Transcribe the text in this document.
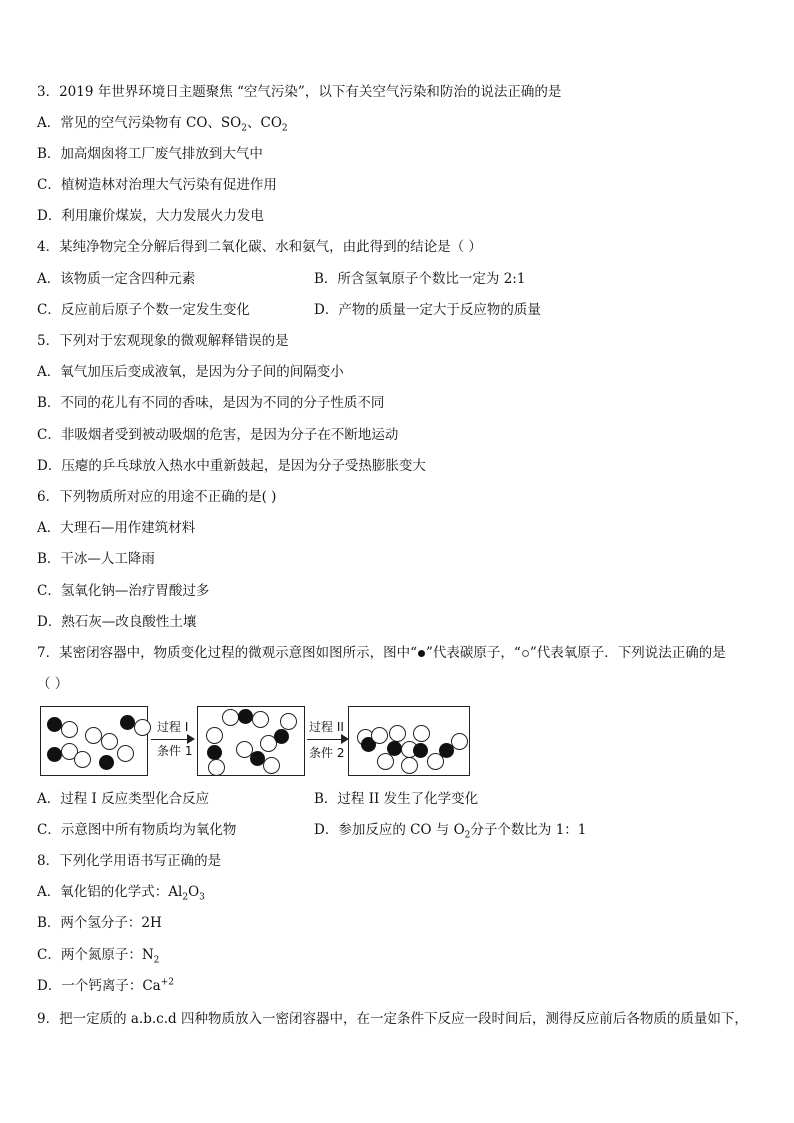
3．2019 年世界环境日主题聚焦 “空气污染”，以下有关空气污染和防治的说法正确的是
A．常见的空气污染物有 CO、$SO_2$、$CO_2$
B．加高烟囱将工厂废气排放到大气中
C．植树造林对治理大气污染有促进作用
D．利用廉价煤炭，大力发展火力发电
4．某纯净物完全分解后得到二氧化碳、水和氨气，由此得到的结论是（ ）
A．该物质一定含四种元素	B．所含氢氧原子个数比一定为 2:1
C．反应前后原子个数一定发生变化	D．产物的质量一定大于反应物的质量
5．下列对于宏观现象的微观解释错误的是
A．氧气加压后变成液氧，是因为分子间的间隔变小
B．不同的花儿有不同的香味，是因为不同的分子性质不同
C．非吸烟者受到被动吸烟的危害，是因为分子在不断地运动
D．压瘪的乒乓球放入热水中重新鼓起，是因为分子受热膨胀变大
6．下列物质所对应的用途不正确的是( )
A．大理石—用作建筑材料
B．干冰—人工降雨
C．氢氧化钠—治疗胃酸过多
D．熟石灰—改良酸性土壤
7．某密闭容器中，物质变化过程的微观示意图如图所示，图中“ ”代表碳原子，“ ”代表氧原子．下列说法正确的是
（ ）
过程 I
条件 1
过程 II
条件 2
A．过程 I 反应类型化合反应	B．过程 II 发生了化学变化
C．示意图中所有物质均为氧化物	D．参加反应的 CO 与 $O_2$分子个数比为 1：1
8．下列化学用语书写正确的是
A．氧化铝的化学式：$Al_2O_3$
B．两个氢分子：2H
C．两个氮原子：$N_2$
D．一个钙离子：$Ca^{+2}$
9．把一定质的 a.b.c.d 四种物质放入一密闭容器中，在一定条件下反应一段时间后，测得反应前后各物质的质量如下，
